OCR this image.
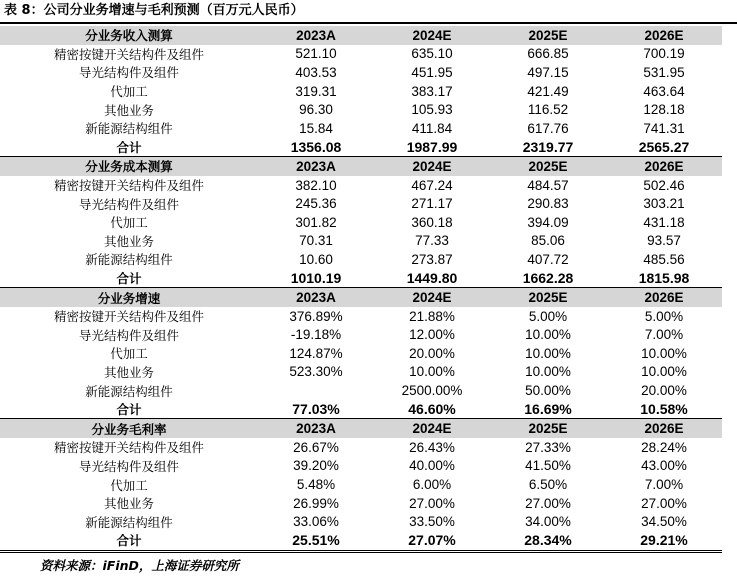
表 8：公司分业务增速与毛利预测（百万元人民币）
分业务收入测算	2023A	2024E	2025E	2026E
精密按键开关结构件及组件	521.10	635.10	666.85	700.19
导光结构件及组件	403.53	451.95	497.15	531.95
代加工	319.31	383.17	421.49	463.64
其他业务	96.30	105.93	116.52	128.18
新能源结构组件	15.84	411.84	617.76	741.31
合计	1356.08	1987.99	2319.77	2565.27
分业务成本测算	2023A	2024E	2025E	2026E
精密按键开关结构件及组件	382.10	467.24	484.57	502.46
导光结构件及组件	245.36	271.17	290.83	303.21
代加工	301.82	360.18	394.09	431.18
其他业务	70.31	77.33	85.06	93.57
新能源结构组件	10.60	273.87	407.72	485.56
合计	1010.19	1449.80	1662.28	1815.98
分业务增速	2023A	2024E	2025E	2026E
精密按键开关结构件及组件	376.89%	21.88%	5.00%	5.00%
导光结构件及组件	-19.18%	12.00%	10.00%	7.00%
代加工	124.87%	20.00%	10.00%	10.00%
其他业务	523.30%	10.00%	10.00%	10.00%
新能源结构组件		2500.00%	50.00%	20.00%
合计	77.03%	46.60%	16.69%	10.58%
分业务毛利率	2023A	2024E	2025E	2026E
精密按键开关结构件及组件	26.67%	26.43%	27.33%	28.24%
导光结构件及组件	39.20%	40.00%	41.50%	43.00%
代加工	5.48%	6.00%	6.50%	7.00%
其他业务	26.99%	27.00%	27.00%	27.00%
新能源结构组件	33.06%	33.50%	34.00%	34.50%
合计	25.51%	27.07%	28.34%	29.21%
资料来源：iFinD，上海证券研究所
